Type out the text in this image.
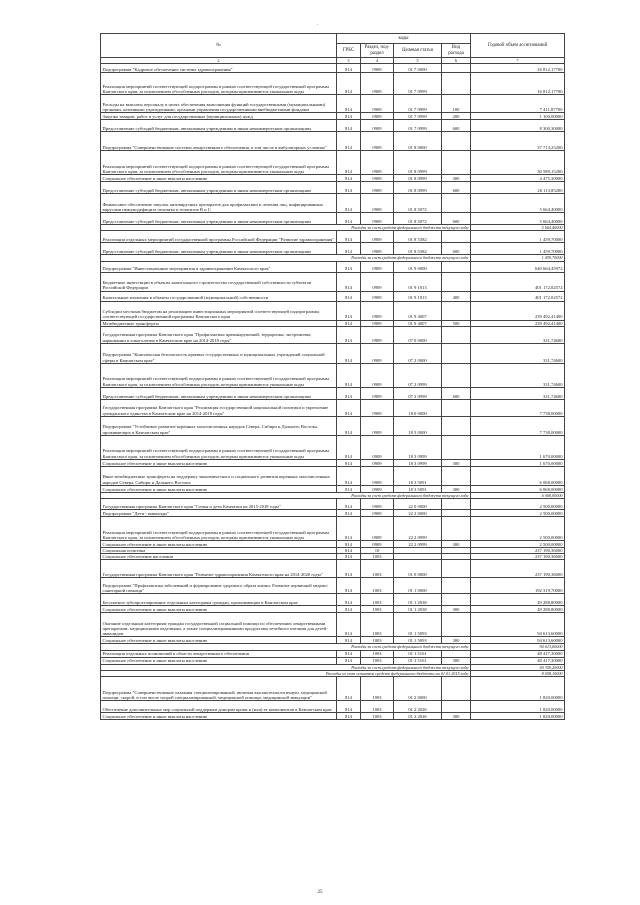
.
№	коды				Годовой объем ассигнований
	ГРБС	Раздел, под-раздел	Целевая статья	Вид расхода	
2	3	4	5	6	7
Подпрограмма "Кадровое обеспечение системы здравоохранения"	814	0909	01 7 0000		16 812,17700
Реализация мероприятий соответствующей подпрограммы в рамках соответствующей государственной программы Камчатского края, за исключением обособленных расходов, которым присваиваются уникальные коды	814	0909	01 7 0999		16 812,17700
Расходы на выплаты персоналу в целях обеспечения выполнения функций государственными (муниципальными) органами, казенными учреждениями, органами управления государственными внебюджетными фондами	814	0909	01 7 0999	100	7 411,87700
Закупка товаров, работ и услуг для государственных (муниципальных) нужд	814	0909	01 7 0999	200	1 100,00000
Предоставление субсидий бюджетным, автономным учреждениям и иным некоммерческим организациям	814	0909	01 7 0999	600	8 300,30000
Подпрограмма "Совершенствование системы лекарственного обеспечения, в том числе в амбулаторных условиях"	814	0909	01 8 0000		37 713,25200
Реализация мероприятий соответствующей подпрограммы в рамках соответствующей государственной программы Камчатского края, за исключением обособленных расходов, которым присваиваются уникальные коды	814	0909	01 8 0999		30 589,15200
Социальное обеспечение и иные выплаты населению	814	0909	01 8 0999	300	4 475,30000
Предоставление субсидий бюджетным, автономным учреждениям и иным некоммерческим организациям	814	0909	01 8 0999	600	26 113,85200
Финансовое обеспечение закупок антивирусных препаратов для профилактики и лечения лиц, инфицированных вирусами иммунодефицита человека и гепатитов В и С	814	0909	01 8 5072		5 664,40000
Предоставление субсидий бюджетным, автономным учреждениям и иным некоммерческим организациям	814	0909	01 8 5072	600	5 664,40000
Расходы за счет средств федерального бюджета текущего года					5 664,40000
Реализация отдельных мероприятий государственной программы Российской Федерации "Развитие здравоохранения"	814	0909	01 8 5382		1 459,70000
Предоставление субсидий бюджетным, автономным учреждениям и иным некоммерческим организациям	814	0909	01 8 5382	600	1 459,70000
Расходы за счет средств федерального бюджета текущего года					1 459,70000
Подпрограмма "Инвестиционные мероприятия в здравоохранении Камчатского края"	814	0909	01 9 0000		640 664,45972
Бюджетные инвестиции в объекты капитального строительства государственной собственности субъектов Российской Федерации	814	0909	01 9 1013		401 172,02572
Капитальные вложения в объекты государственной (муниципальной) собственности	814	0909	01 9 1013	400	401 172,02572
Субсидии местным бюджетам на реализацию инвестиционных мероприятий соответствующей подпрограммы соответствующей государственной программы Камчатского края	814	0909	01 9 4007		239 492,41400
Межбюджетные трансферты	814	0909	01 9 4007	500	239 492,41400
Государственная программа Камчатского края "Профилактика правонарушений, терроризма, экстремизма, наркомании и алкоголизма в Камчатском крае на 2014-2018 годы"	814	0909	07 0 0000		331,74600
Подпрограмма "Комплексная безопасность краевых государственных и муниципальных учреждений социальной сферы в Камчатском крае"	814	0909	07 2 0000		331,74600
Реализация мероприятий соответствующей подпрограммы в рамках соответствующей государственной программы Камчатского края, за исключением обособленных расходов, которым присваиваются уникальные коды	814	0909	07 2 0999		331,74600
Предоставление субсидий бюджетным, автономным учреждениям и иным некоммерческим организациям	814	0909	07 2 0999	600	331,74600
Государственная программа Камчатского края "Реализация государственной национальной политики и укрепление гражданского единства в Камчатском крае на 2014-2018 годы"	814	0909	18 0 0000		7 738,00000
Подпрограмма "Устойчивое развитие коренных малочисленных народов Севера, Сибири и Дальнего Востока, проживающих в Камчатском крае"	814	0909	18 3 0000		7 738,00000
Реализация мероприятий соответствующей подпрограммы в рамках соответствующей государственной программы Камчатского края, за исключением обособленных расходов, которым присваиваются уникальные коды	814	0909	18 3 0999		1 670,00000
Социальное обеспечение и иные выплаты населению	814	0909	18 3 0999	300	1 670,00000
Иные межбюджетные трансферты на поддержку экономического и социального развития коренных малочисленных народов Севера, Сибири и Дальнего Востока	814	0909	18 3 5091		6 068,00000
Социальное обеспечение и иные выплаты населению	814	0909	18 3 5091	300	6 068,00000
Расходы за счет средств федерального бюджета текущего года					6 068,00000
Государственная программа Камчатского края "Семья и дети Камчатки на 2015-2018 годы"	814	0909	22 0 0000		2 500,00000
Подпрограмма "Дети - инвалиды"	814	0909	22 2 0000		2 500,00000
Реализация мероприятий соответствующей подпрограммы в рамках соответствующей государственной программы Камчатского края, за исключением обособленных расходов, которым присваиваются уникальные коды	814	0909	22 2 0999		2 500,00000
Социальное обеспечение и иные выплаты населению	814	0909	22 2 0999	300	2 500,00000
Социальная политика	814	10			237 190,36000
Социальное обеспечение населения	814	1003			237 190,36000
Государственная программа Камчатского края "Развитие здравоохранения Камчатского края на 2014-2020 годы"	814	1003	01 0 0000		237 190,36000
Подпрограмма "Профилактика заболеваний и формирование здорового образа жизни. Развитие первичной медико-санитарной помощи"	814	1003	01 1 0000		192 319,70000
Бесплатное зубопротезирование отдельным категориям граждан, проживающим в Камчатском крае	814	1003	01 1 2038		49 288,80000
Социальное обеспечение и иные выплаты населению	814	1003	01 1 2038	300	49 288,80000
Оказание отдельным категориям граждан государственной социальной помощи по обеспечению лекарственными препаратами, медицинскими изделиями, а также специализированными продуктами лечебного питания для детей-инвалидов	814	1003	01 1 5093		94 613,60000
Социальное обеспечение и иные выплаты населению	814	1003	01 1 5093	300	94 613,60000
Расходы за счет средств федерального бюджета текущего года					94 613,60000
Реализация отдельных полномочий в области лекарственного обеспечения	814	1003	01 1 5161		48 417,30000
Социальное обеспечение и иные выплаты населению	814	1003	01 1 5161	300	48 417,30000
Расходы за счет средств федерального бюджета текущего года					40 359,20000
Расходы за счет остатков средств федерального бюджета на 01.01.2015 года					8 058,10000
Подпрограмма "Совершенствование оказания специализированной, включая высокотехнологичную, медицинской помощи, скорой, в том числе скорой специализированной, медицинской помощи, медицинской эвакуации"	814	1003	01 2 0000		1 820,00000
Обеспечение дополнительных мер социальной поддержки донорам крови и (или) ее компонентов в Камчатском крае	814	1003	01 2 2026		1 820,00000
Социальное обеспечение и иные выплаты населению	814	1003	01 2 2026	300	1 820,00000
25
